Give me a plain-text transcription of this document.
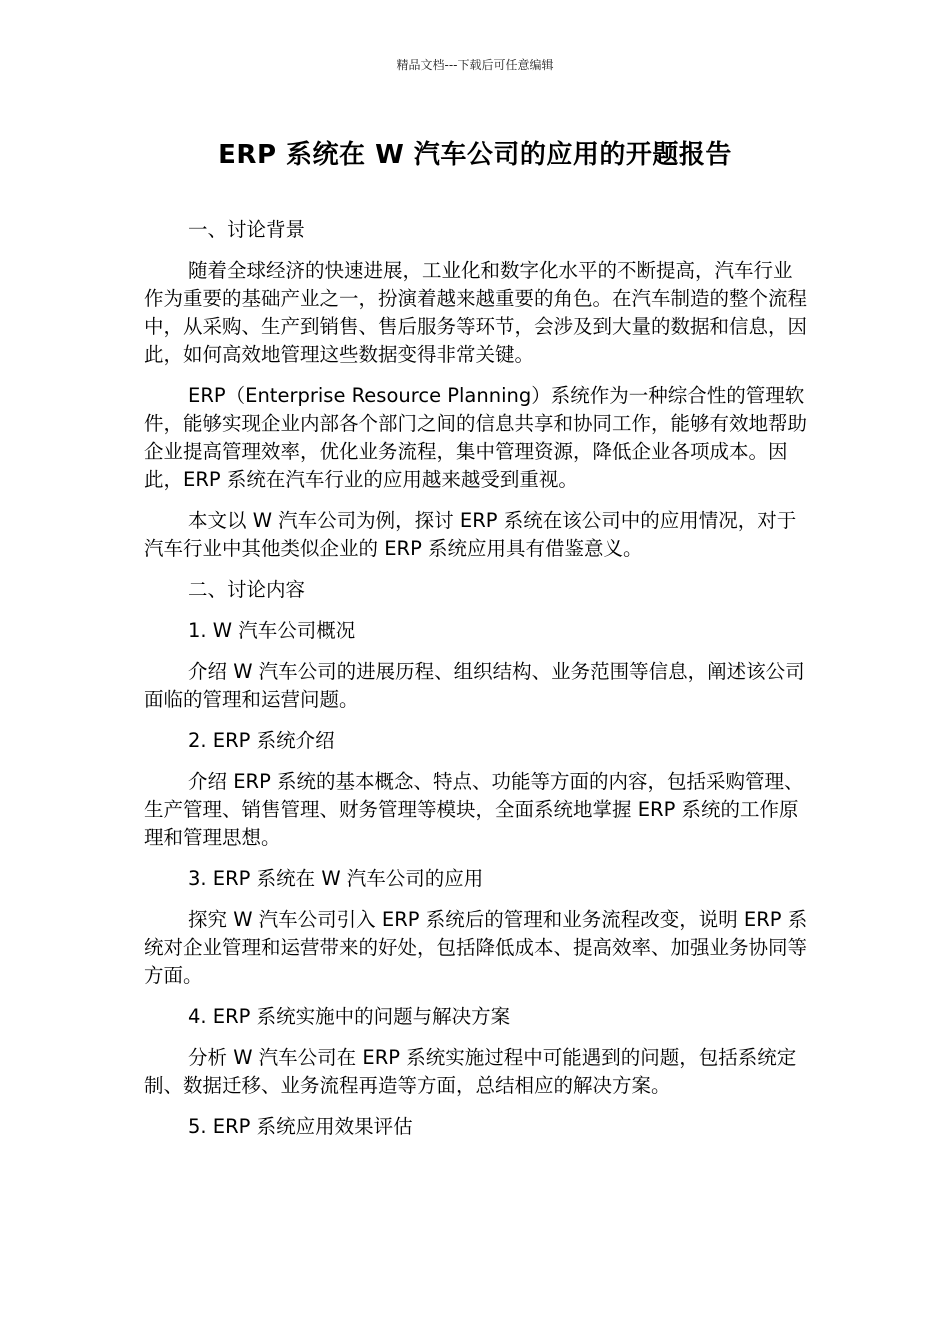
精品文档---下载后可任意编辑
ERP 系统在 W 汽车公司的应用的开题报告

一、讨论背景

随着全球经济的快速进展，工业化和数字化水平的不断提高，汽车行业作为重要的基础产业之一，扮演着越来越重要的角色。在汽车制造的整个流程中，从采购、生产到销售、售后服务等环节，会涉及到大量的数据和信息，因此，如何高效地管理这些数据变得非常关键。

ERP（Enterprise Resource Planning）系统作为一种综合性的管理软件，能够实现企业内部各个部门之间的信息共享和协同工作，能够有效地帮助企业提高管理效率，优化业务流程，集中管理资源，降低企业各项成本。因此，ERP 系统在汽车行业的应用越来越受到重视。

本文以 W 汽车公司为例，探讨 ERP 系统在该公司中的应用情况，对于汽车行业中其他类似企业的 ERP 系统应用具有借鉴意义。

二、讨论内容

1. W 汽车公司概况

介绍 W 汽车公司的进展历程、组织结构、业务范围等信息，阐述该公司面临的管理和运营问题。

2. ERP 系统介绍

介绍 ERP 系统的基本概念、特点、功能等方面的内容，包括采购管理、生产管理、销售管理、财务管理等模块，全面系统地掌握 ERP 系统的工作原理和管理思想。

3. ERP 系统在 W 汽车公司的应用

探究 W 汽车公司引入 ERP 系统后的管理和业务流程改变，说明 ERP 系统对企业管理和运营带来的好处，包括降低成本、提高效率、加强业务协同等方面。

4. ERP 系统实施中的问题与解决方案

分析 W 汽车公司在 ERP 系统实施过程中可能遇到的问题，包括系统定制、数据迁移、业务流程再造等方面，总结相应的解决方案。

5. ERP 系统应用效果评估
